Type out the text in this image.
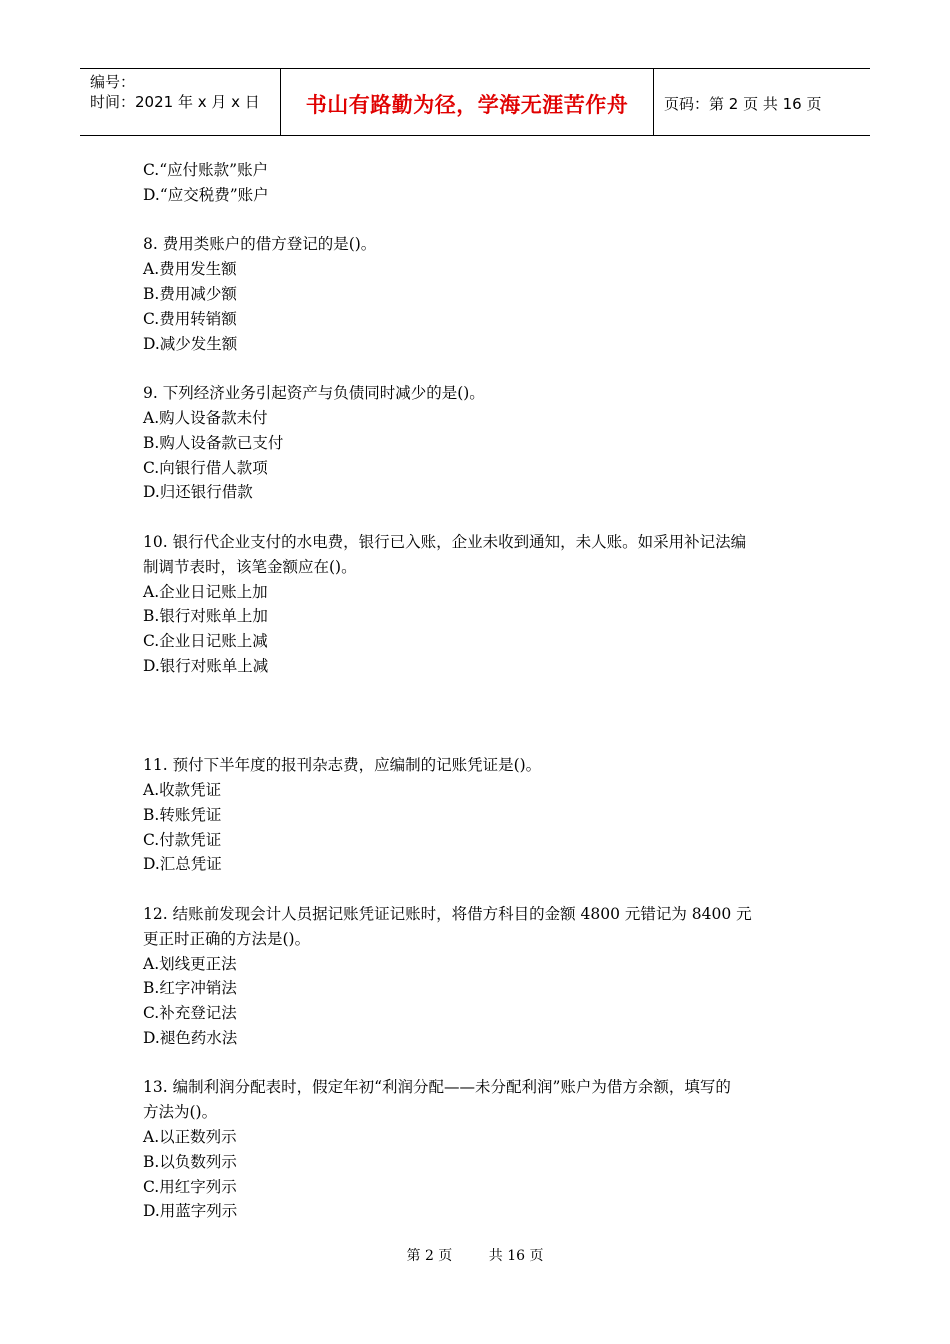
编号：
时间：2021 年 x 月 x 日 书山有路勤为径，学海无涯苦作舟 页码：第 2 页 共 16 页
C.“应付账款”账户
D.“应交税费”账户
8. 费用类账户的借方登记的是()。
A.费用发生额
B.费用减少额
C.费用转销额
D.减少发生额
9. 下列经济业务引起资产与负债同时减少的是()。
A.购人设备款未付
B.购人设备款已支付
C.向银行借人款项
D.归还银行借款
10. 银行代企业支付的水电费，银行已入账，企业未收到通知，未人账。如采用补记法编
制调节表时，该笔金额应在()。
A.企业日记账上加
B.银行对账单上加
C.企业日记账上减
D.银行对账单上减
11. 预付下半年度的报刊杂志费，应编制的记账凭证是()。
A.收款凭证
B.转账凭证
C.付款凭证
D.汇总凭证
12. 结账前发现会计人员据记账凭证记账时，将借方科目的金额 4800 元错记为 8400 元
更正时正确的方法是()。
A.划线更正法
B.红字冲销法
C.补充登记法
D.褪色药水法
13. 编制利润分配表时，假定年初“利润分配——未分配利润”账户为借方余额，填写的
方法为()。
A.以正数列示
B.以负数列示
C.用红字列示
D.用蓝字列示
第 2 页	共 16 页
